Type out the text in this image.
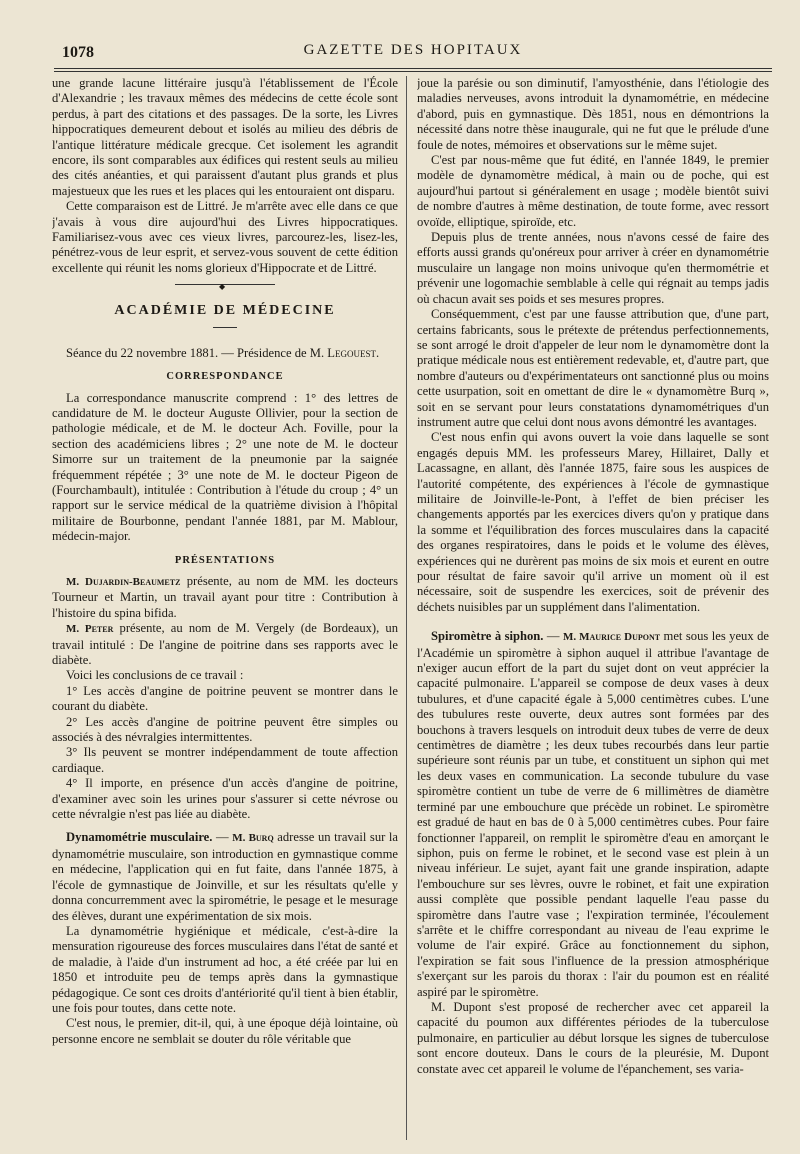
1078	GAZETTE DES HOPITAUX

une grande lacune littéraire jusqu'à l'établissement de l'École d'Alexandrie ; les travaux mêmes des médecins de cette école sont perdus, à part des citations et des passages. De la sorte, les Livres hippocratiques demeurent debout et isolés au milieu des débris de l'antique littérature médicale grecque. Cet isolement les agrandit encore, ils sont comparables aux édifices qui restent seuls au milieu des cités anéanties, et qui paraissent d'autant plus grands et plus majestueux que les rues et les places qui les entouraient ont disparu.

Cette comparaison est de Littré. Je m'arrête avec elle dans ce que j'avais à vous dire aujourd'hui des Livres hippocratiques. Familiarisez-vous avec ces vieux livres, parcourez-les, lisez-les, pénétrez-vous de leur esprit, et servez-vous souvent de cette édition excellente qui réunit les noms glorieux d'Hippocrate et de Littré.

◆
ACADÉMIE DE MÉDECINE

Séance du 22 novembre 1881. — Présidence de M. Legouest.

CORRESPONDANCE

La correspondance manuscrite comprend : 1° des lettres de candidature de M. le docteur Auguste Ollivier, pour la section de pathologie médicale, et de M. le docteur Ach. Foville, pour la section des académiciens libres ; 2° une note de M. le docteur Simorre sur un traitement de la pneumonie par la saignée fréquemment répétée ; 3° une note de M. le docteur Pigeon de (Fourchambault), intitulée : Contribution à l'étude du croup ; 4° un rapport sur le service médical de la quatrième division à l'hôpital militaire de Bourbonne, pendant l'année 1881, par M. Mablour, médecin-major.

PRÉSENTATIONS

M. Dujardin-Beaumetz présente, au nom de MM. les docteurs Tourneur et Martin, un travail ayant pour titre : Contribution à l'histoire du spina bifida.

M. Peter présente, au nom de M. Vergely (de Bordeaux), un travail intitulé : De l'angine de poitrine dans ses rapports avec le diabète.

Voici les conclusions de ce travail :

1° Les accès d'angine de poitrine peuvent se montrer dans le courant du diabète.

2° Les accès d'angine de poitrine peuvent être simples ou associés à des névralgies intermittentes.

3° Ils peuvent se montrer indépendamment de toute affection cardiaque.

4° Il importe, en présence d'un accès d'angine de poitrine, d'examiner avec soin les urines pour s'assurer si cette névrose ou cette névralgie n'est pas liée au diabète.

Dynamométrie musculaire. — M. Burq adresse un travail sur la dynamométrie musculaire, son introduction en gymnastique comme en médecine, l'application qui en fut faite, dans l'année 1875, à l'école de gymnastique de Joinville, et sur les résultats qu'elle y donna concurremment avec la spirométrie, le pesage et le mesurage des élèves, durant une expérimentation de six mois.

La dynamométrie hygiénique et médicale, c'est-à-dire la mensuration rigoureuse des forces musculaires dans l'état de santé et de maladie, à l'aide d'un instrument ad hoc, a été créée par lui en 1850 et introduite peu de temps après dans la gymnastique pédagogique. Ce sont ces droits d'antériorité qu'il tient à bien établir, une fois pour toutes, dans cette note.

C'est nous, le premier, dit-il, qui, à une époque déjà lointaine, où personne encore ne semblait se douter du rôle véritable que

joue la parésie ou son diminutif, l'amyosthénie, dans l'étiologie des maladies nerveuses, avons introduit la dynamométrie, en médecine d'abord, puis en gymnastique. Dès 1851, nous en démontrions la nécessité dans notre thèse inaugurale, qui ne fut que le prélude d'une foule de notes, mémoires et observations sur le même sujet.

C'est par nous-même que fut édité, en l'année 1849, le premier modèle de dynamomètre médical, à main ou de poche, qui est aujourd'hui partout si généralement en usage ; modèle bientôt suivi de nombre d'autres à même destination, de toute forme, avec ressort ovoïde, elliptique, spiroïde, etc.

Depuis plus de trente années, nous n'avons cessé de faire des efforts aussi grands qu'onéreux pour arriver à créer en dynamométrie musculaire un langage non moins univoque qu'en thermométrie et prévenir une logomachie semblable à celle qui régnait au temps jadis où chacun avait ses poids et ses mesures propres.

Conséquemment, c'est par une fausse attribution que, d'une part, certains fabricants, sous le prétexte de prétendus perfectionnements, se sont arrogé le droit d'appeler de leur nom le dynamomètre dont la pratique médicale nous est entièrement redevable, et, d'autre part, que nombre d'auteurs ou d'expérimentateurs ont sanctionné plus ou moins cette usurpation, soit en omettant de dire le « dynamomètre Burq », soit en se servant pour leurs constatations dynamométriques d'un instrument autre que celui dont nous avons démontré les avantages.

C'est nous enfin qui avons ouvert la voie dans laquelle se sont engagés depuis MM. les professeurs Marey, Hillairet, Dally et Lacassagne, en allant, dès l'année 1875, faire sous les auspices de l'autorité compétente, des expériences à l'école de gymnastique militaire de Joinville-le-Pont, à l'effet de bien préciser les changements apportés par les exercices divers qu'on y pratique dans la somme et l'équilibration des forces musculaires dans la capacité des organes respiratoires, dans le poids et le volume des élèves, expériences qui ne durèrent pas moins de six mois et eurent en outre pour résultat de faire savoir qu'il arrive un moment où il est nécessaire, soit de suspendre les exercices, soit de prévenir des déchets nuisibles par un supplément dans l'alimentation.

Spiromètre à siphon. — M. Maurice Dupont met sous les yeux de l'Académie un spiromètre à siphon auquel il attribue l'avantage de n'exiger aucun effort de la part du sujet dont on veut apprécier la capacité pulmonaire. L'appareil se compose de deux vases à deux tubulures, et d'une capacité égale à 5,000 centimètres cubes. L'une des tubulures reste ouverte, deux autres sont formées par des bouchons à travers lesquels on introduit deux tubes de verre de deux centimètres de diamètre ; les deux tubes recourbés dans leur partie supérieure sont réunis par un tube, et constituent un siphon qui met les deux vases en communication. La seconde tubulure du vase spiromètre contient un tube de verre de 6 millimètres de diamètre terminé par une embouchure que précède un robinet. Le spiromètre est gradué de haut en bas de 0 à 5,000 centimètres cubes. Pour faire fonctionner l'appareil, on remplit le spiromètre d'eau en amorçant le siphon, puis on ferme le robinet, et le second vase est plein à un niveau inférieur. Le sujet, ayant fait une grande inspiration, adapte l'embouchure sur ses lèvres, ouvre le robinet, et fait une expiration aussi complète que possible pendant laquelle l'eau passe du spiromètre dans l'autre vase ; l'expiration terminée, l'écoulement s'arrête et le chiffre correspondant au niveau de l'eau exprime le volume de l'air expiré. Grâce au fonctionnement du siphon, l'expiration se fait sous l'influence de la pression atmosphérique s'exerçant sur les parois du thorax : l'air du poumon est en réalité aspiré par le spiromètre.

M. Dupont s'est proposé de rechercher avec cet appareil la capacité du poumon aux différentes périodes de la tuberculose pulmonaire, en particulier au début lorsque les signes de tuberculose sont encore douteux. Dans le cours de la pleurésie, M. Dupont constate avec cet appareil le volume de l'épanchement, ses varia-
